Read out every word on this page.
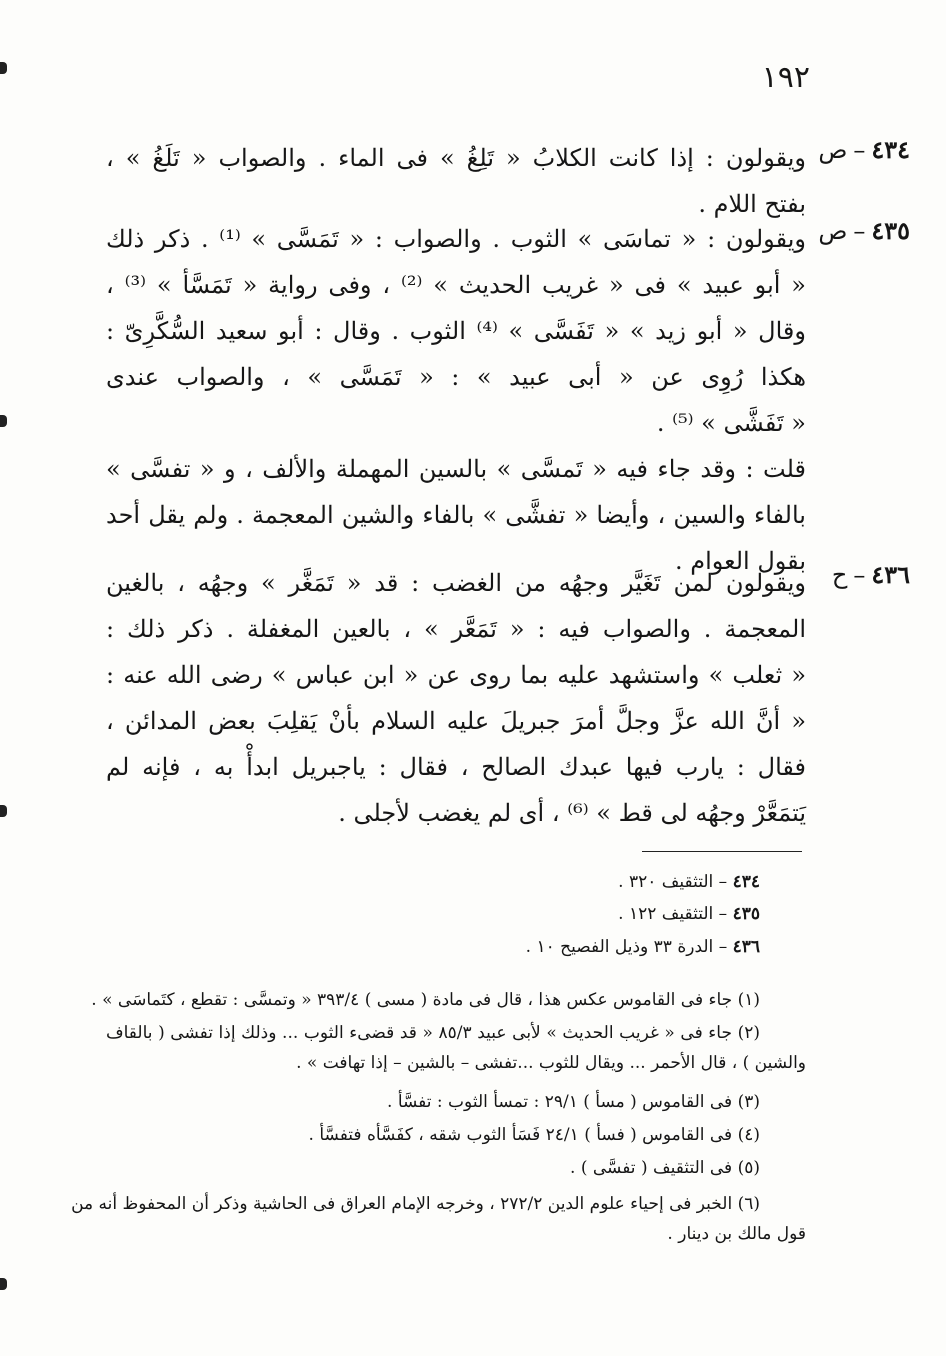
١٩٢
٤٣٤–ص
ويقولون : إذا كانت الكلابُ « تَلِغُ » فى الماء . والصواب « تَلَغُ » ،
بفتح اللام .
٤٣٥–ص
ويقولون : « تماسَى » الثوب . والصواب : « تَمَسَّى » ⁽¹⁾ . ذكر ذلك
« أبو عبيد » فى « غريب الحديث » ⁽²⁾ ، وفى رواية « تَمَسَّأ » ⁽³⁾ ،
وقال « أبو زيد » « تَفَسَّى » ⁽⁴⁾ الثوب . وقال : أبو سعيد السُّكَّرِىّ :
هكذا رُوِى عن « أبى عبيد » : « تَمَسَّى » ، والصواب عندى
« تَفَشَّى » ⁽⁵⁾ .
قلت : وقد جاء فيه « تَمسَّى » بالسين المهملة والألف ، و « تفسَّى »
بالفاء والسين ، وأيضا « تفشَّى » بالفاء والشين المعجمة . ولم يقل أحد
بقول العوام .	٤٣٦–ح
ويقولون لمن تَغَيَّر وجهُه من الغضب : قد « تَمَغَّر » وجهُه ، بالغين
المعجمة . والصواب فيه : « تَمَعَّر » ، بالعين المغفلة . ذكر ذلك :
« ثعلب » واستشهد عليه بما روى عن « ابن عباس » رضى الله عنه :
« أنَّ الله عزَّ وجلَّ أمرَ جبريلَ عليه السلام بأنْ يَقلِبَ بعض المدائن ،
فقال : يارب فيها عبدك الصالح ، فقال : ياجبريل ابدأْ به ، فإنه لم
يَتمَعَّرْ وجهُه لى قط » ⁽⁶⁾ ، أى لم يغضب لأجلى .
٤٣٤ – التثقيف ٣٢٠ .
٤٣٥ – التثقيف ١٢٢ .
٤٣٦ – الدرة ٣٣ وذيل الفصيح ١٠ .
(١) جاء فى القاموس عكس هذا ، قال فى مادة ( مسى ) ٣٩٣/٤ « وتمسَّى : تقطع ، كتَماسَى » .
(٢) جاء فى « غريب الحديث » لأبى عبيد ٨٥/٣ « قد قضىء الثوب ... وذلك إذا تفشى ( بالقاف
والشين ) ، قال الأحمر ... ويقال للثوب ...تفشى – بالشين – إذا تهافت » .
(٣) فى القاموس ( مسأ ) ٢٩/١ : تمسأ الثوب : تفسَّأ .
(٤) فى القاموس ( فسأ ) ٢٤/١ فَسَأ الثوب شقه ، كفَسَّأه فتفسَّأ .
(٥) فى التثقيف ( تفسَّى ) .
(٦) الخبر فى إحياء علوم الدين ٢٧٢/٢ ، وخرجه الإمام العراق فى الحاشية وذكر أن المحفوظ أنه من
قول مالك بن دينار .
